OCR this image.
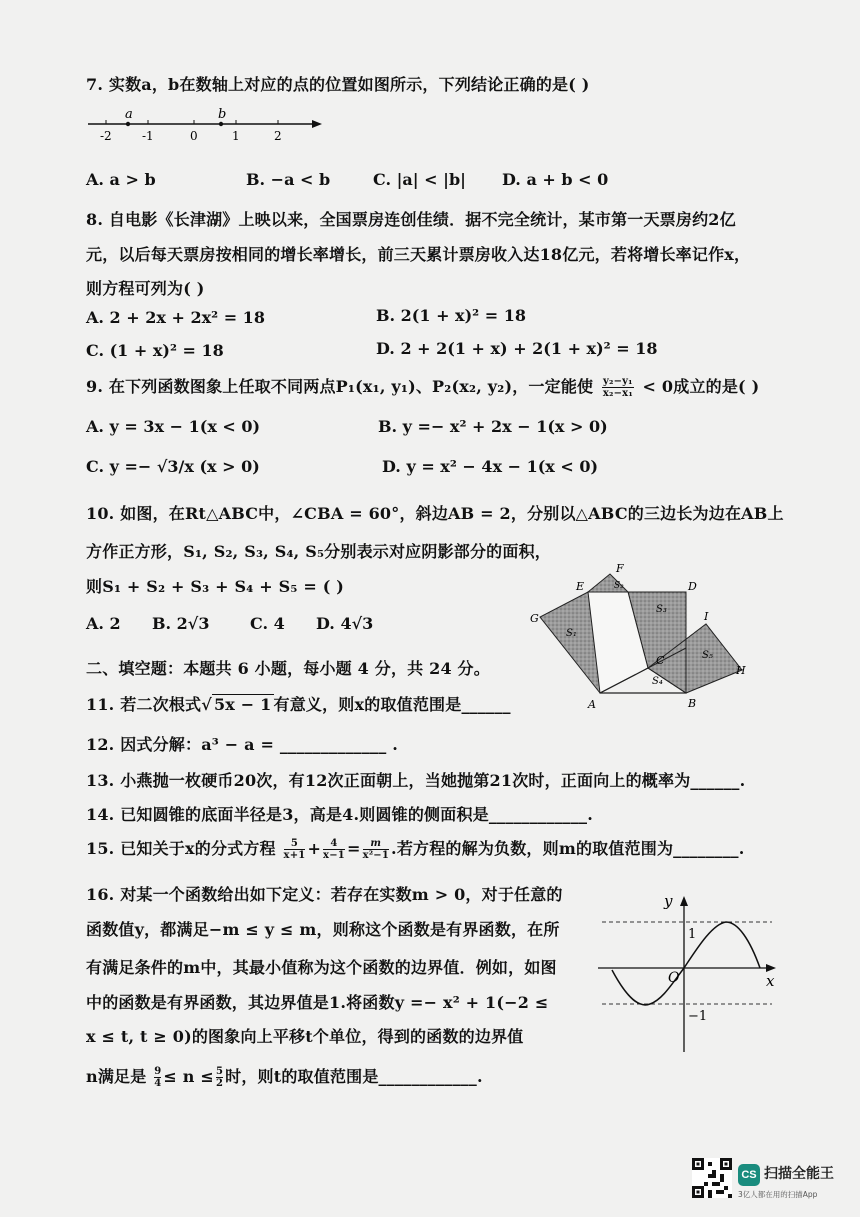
7. 实数a，b在数轴上对应的点的位置如图所示，下列结论正确的是( )
a	b
-2	-1	0	1	2
A. a > b	B. −a < b	C. |a| < |b| D. a + b < 0
8. 自电影《长津湖》上映以来，全国票房连创佳绩．据不完全统计，某市第一天票房约2亿
元，以后每天票房按相同的增长率增长，前三天累计票房收入达18亿元，若将增长率记作x，
则方程可列为( )
A. 2 + 2x + 2x² = 18	B. 2(1 + x)² = 18
C. (1 + x)² = 18	D. 2 + 2(1 + x) + 2(1 + x)² = 18
9. 在下列函数图象上任取不同两点P₁(x₁, y₁)、P₂(x₂, y₂)，一定能使 $\frac{\text{y₂−y₁}}{\text{x₂−x₁}} < 0$成立的是( )
A. y = 3x − 1(x < 0)	B. y =− x² + 2x − 1(x > 0)
C. y =− √3/x (x > 0)	D. y = x² − 4x − 1(x < 0)
10. 如图，在Rt△ABC中，∠CBA = 60°，斜边AB = 2，分别以△ABC的三边长为边在AB上
方作正方形，S₁, S₂, S₃, S₄, S₅分别表示对应阴影部分的面积，
则S₁ + S₂ + S₃ + S₄ + S₅ = ( )
A. 2 B. 2√3	C. 4 D. 4√3
F
E	D
G	I
H
A	B
C
S₁
S₂
S₃
S₄
S₅
二、填空题：本题共 6 小题，每小题 4 分，共 24 分。
11. 若二次根式√ 5x − 1 有意义，则x的取值范围是______
12. 因式分解：a³ − a = _____________ .
13. 小燕抛一枚硬币20次，有12次正面朝上，当她抛第21次时，正面向上的概率为______.
14. 已知圆锥的底面半径是3，高是4.则圆锥的侧面积是____________.
15. 已知关于x的分式方程 $\frac{5}{x+1} + \frac{4}{x-1} = \frac{m}{\text{x²−1}}$ .若方程的解为负数，则m的取值范围为________.
16. 对某一个函数给出如下定义：若存在实数m > 0，对于任意的
函数值y，都满足−m ≤ y ≤ m，则称这个函数是有界函数，在所
有满足条件的m中，其最小值称为这个函数的边界值．例如，如图
中的函数是有界函数，其边界值是1.将函数y =− x² + 1(−2 ≤
x ≤ t, t ≥ 0)的图象向上平移t个单位，得到的函数的边界值
n满足是 $\frac{9}{4} \le n \le \frac{5}{2}$ 时，则t的取值范围是____________.
y
x
O
1
−1
CS 扫描全能王
3亿人都在用的扫描App
